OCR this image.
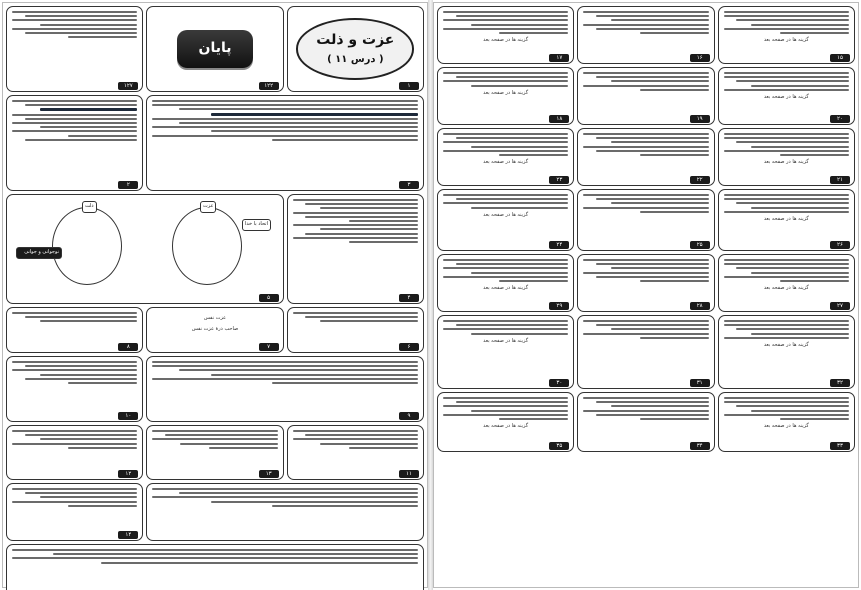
۱۲۷
پایان
۱۲۲
عزت و ذلت
( درس ۱۱ )
۱
۲	۳
عزت
ذلت
اتحاد با خدا
نوجوانی و جوانی
۵	۴
۸
عزت نفس
صاحب ذرۀ عزت نفس
۷	۶
۱۰	۹
۱۲	۱۳	۱۱
۱۴
گزینه ها در صفحه بعد
۱۷	۱۶
گزینه ها در صفحه بعد
۱۵
گزینه ها در صفحه بعد
۱۸	۱۹
گزینه ها در صفحه بعد
۲۰
گزینه ها در صفحه بعد
۲۳	۲۲
گزینه ها در صفحه بعد
۲۱
گزینه ها در صفحه بعد
۲۴	۲۵
گزینه ها در صفحه بعد
۲۶
گزینه ها در صفحه بعد
۲۹	۲۸
گزینه ها در صفحه بعد
۲۷
گزینه ها در صفحه بعد
۳۰	۳۱
گزینه ها در صفحه بعد
۳۲
گزینه ها در صفحه بعد
۳۵	۳۴
گزینه ها در صفحه بعد
۳۳
